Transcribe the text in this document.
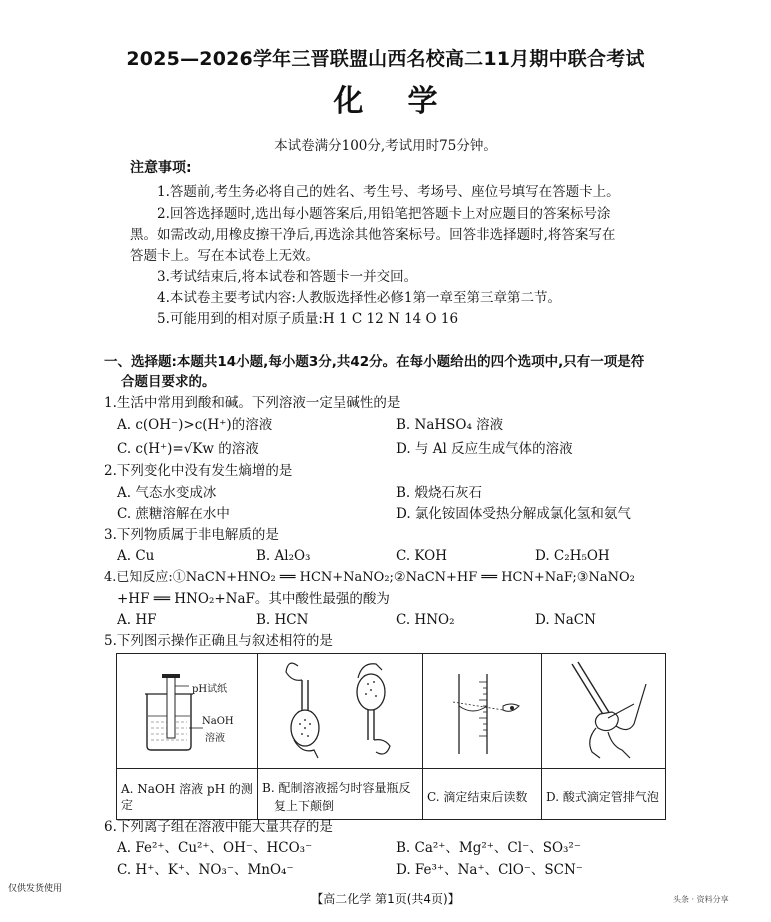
2025—2026学年三晋联盟山西名校高二11月期中联合考试
化学
本试卷满分100分,考试用时75分钟。
注意事项:
1.答题前,考生务必将自己的姓名、考生号、考场号、座位号填写在答题卡上。
2.回答选择题时,选出每小题答案后,用铅笔把答题卡上对应题目的答案标号涂
黑。如需改动,用橡皮擦干净后,再选涂其他答案标号。回答非选择题时,将答案写在
答题卡上。写在本试卷上无效。
3.考试结束后,将本试卷和答题卡一并交回。
4.本试卷主要考试内容:人教版选择性必修1第一章至第三章第二节。
5.可能用到的相对原子质量:H 1 C 12 N 14 O 16
一、选择题:本题共14小题,每小题3分,共42分。在每小题给出的四个选项中,只有一项是符
合题目要求的。
1.生活中常用到酸和碱。下列溶液一定呈碱性的是
A. c(OH⁻)>c(H⁺)的溶液	B. NaHSO₄ 溶液
C. c(H⁺)=√Kw 的溶液	D. 与 Al 反应生成气体的溶液
2.下列变化中没有发生熵增的是
A. 气态水变成冰	B. 煅烧石灰石
C. 蔗糖溶解在水中	D. 氯化铵固体受热分解成氯化氢和氨气
3.下列物质属于非电解质的是
A. Cu	B. Al₂O₃	C. KOH	D. C₂H₅OH
4.已知反应:①NaCN+HNO₂ ══ HCN+NaNO₂;②NaCN+HF ══ HCN+NaF;③NaNO₂
+HF ══ HNO₂+NaF。其中酸性最强的酸为
A. HF	B. HCN	C. HNO₂	D. NaCN
5.下列图示操作正确且与叙述相符的是

A. NaOH 溶液 pH 的测定	B. 配制溶液摇匀时容量瓶反
复上下颠倒	C. 滴定结束后读数	D. 酸式滴定管排气泡
pH试纸
NaOH
溶液
6.下列离子组在溶液中能大量共存的是
A. Fe²⁺、Cu²⁺、OH⁻、HCO₃⁻	B. Ca²⁺、Mg²⁺、Cl⁻、SO₃²⁻
C. H⁺、K⁺、NO₃⁻、MnO₄⁻	D. Fe³⁺、Na⁺、ClO⁻、SCN⁻
仅供发货使用
【高二化学 第1页(共4页)】	头条 · 资料分享
